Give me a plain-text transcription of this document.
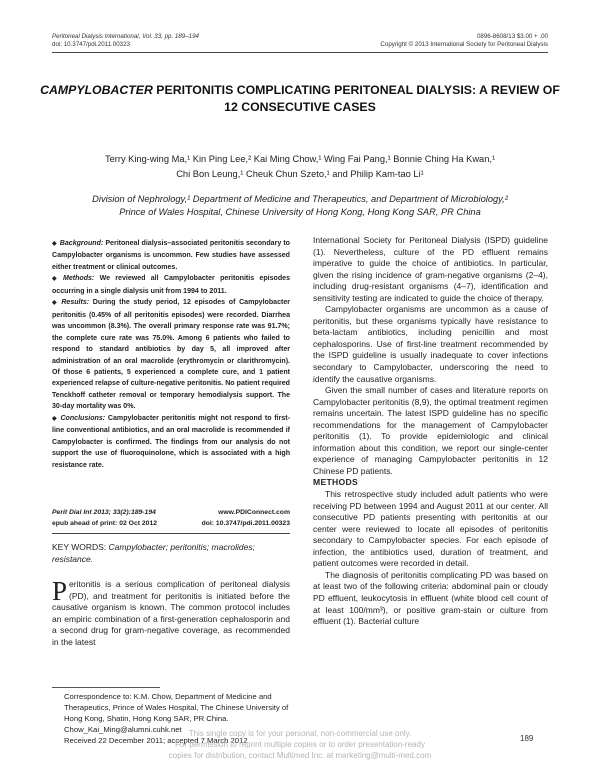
Peritoneal Dialysis International, Vol. 33, pp. 189–194
doi: 10.3747/pdi.2011.00323
0896-8608/13 $3.00 + .00
Copyright © 2013 International Society for Peritoneal Dialysis
CAMPYLOBACTER PERITONITIS COMPLICATING PERITONEAL DIALYSIS: A REVIEW OF
12 CONSECUTIVE CASES
Terry King-wing Ma,¹ Kin Ping Lee,² Kai Ming Chow,¹ Wing Fai Pang,¹ Bonnie Ching Ha Kwan,¹
Chi Bon Leung,¹ Cheuk Chun Szeto,¹ and Philip Kam-tao Li¹
Division of Nephrology,¹ Department of Medicine and Therapeutics, and Department of Microbiology,²
Prince of Wales Hospital, Chinese University of Hong Kong, Hong Kong SAR, PR China

◆ Background: Peritoneal dialysis–associated peritonitis secondary to Campylobacter organisms is uncommon. Few studies have assessed either treatment or clinical outcomes.

◆ Methods: We reviewed all Campylobacter peritonitis episodes occurring in a single dialysis unit from 1994 to 2011.

◆ Results: During the study period, 12 episodes of Campylobacter peritonitis (0.45% of all peritonitis episodes) were recorded. Diarrhea was uncommon (8.3%). The overall primary response rate was 91.7%; the complete cure rate was 75.0%. Among 6 patients who failed to respond to standard antibiotics by day 5, all improved after administration of an oral macrolide (erythromycin or clarithromycin). Of those 6 patients, 5 experienced a complete cure, and 1 patient experienced relapse of culture-negative peritonitis. No patient required Tenckhoff catheter removal or temporary hemodialysis support. The 30-day mortality was 0%.

◆ Conclusions: Campylobacter peritonitis might not respond to first-line conventional antibiotics, and an oral macrolide is recommended if Campylobacter is confirmed. The findings from our analysis do not support the use of fluoroquinolone, which is associated with a high resistance rate.

Perit Dial Int 2013; 33(2):189-194	www.PDIConnect.com
epub ahead of print: 02 Oct 2012	doi: 10.3747/pdi.2011.00323
KEY WORDS: Campylobacter; peritonitis; macrolides; resistance.
Peritonitis is a serious complication of peritoneal dialysis (PD), and treatment for peritonitis is initiated before the causative organism is known. The common protocol includes an empiric combination of a first-generation cephalosporin and a second drug for gram-negative coverage, as recommended in the latest

Correspondence to: K.M. Chow, Department of Medicine and Therapeutics, Prince of Wales Hospital, The Chinese University of Hong Kong, Shatin, Hong Kong SAR, PR China.

Chow_Kai_Ming@alumni.cuhk.net

Received 22 December 2011; accepted 7 March 2012

International Society for Peritoneal Dialysis (ISPD) guideline (1). Nevertheless, culture of the PD effluent remains imperative to guide the choice of antibiotics. In particular, given the rising incidence of gram-negative organisms (2–4), including drug-resistant organisms (4–7), identification and sensitivity testing are indicated to guide the choice of therapy.

Campylobacter organisms are uncommon as a cause of peritonitis, but these organisms typically have resistance to beta-lactam antibiotics, including penicillin and most cephalosporins. Use of first-line treatment recommended by the ISPD guideline is usually inadequate to cover infections secondary to Campylobacter, underscoring the need to identify the causative organisms.

Given the small number of cases and literature reports on Campylobacter peritonitis (8,9), the optimal treatment regimen remains uncertain. The latest ISPD guideline has no specific recommendations for the management of Campylobacter peritonitis (1). To provide epidemiologic and clinical information about this condition, we report our single-center experience of managing Campylobacter peritonitis in 12 Chinese PD patients.

METHODS

This retrospective study included adult patients who were receiving PD between 1994 and August 2011 at our center. All consecutive PD patients presenting with peritonitis at our center were reviewed to locate all episodes of peritonitis secondary to Campylobacter species. For each episode of infection, the antibiotics used, duration of treatment, and patient outcomes were recorded in detail.

The diagnosis of peritonitis complicating PD was based on at least two of the following criteria: abdominal pain or cloudy PD effluent, leukocytosis in effluent (white blood cell count of at least 100/mm³), or positive gram-stain or culture from effluent (1). Bacterial culture

This single copy is for your personal, non-commercial use only.
For permission to reprint multiple copies or to order presentation-ready
copies for distribution, contact Multimed Inc. at marketing@multi-med.com
189
